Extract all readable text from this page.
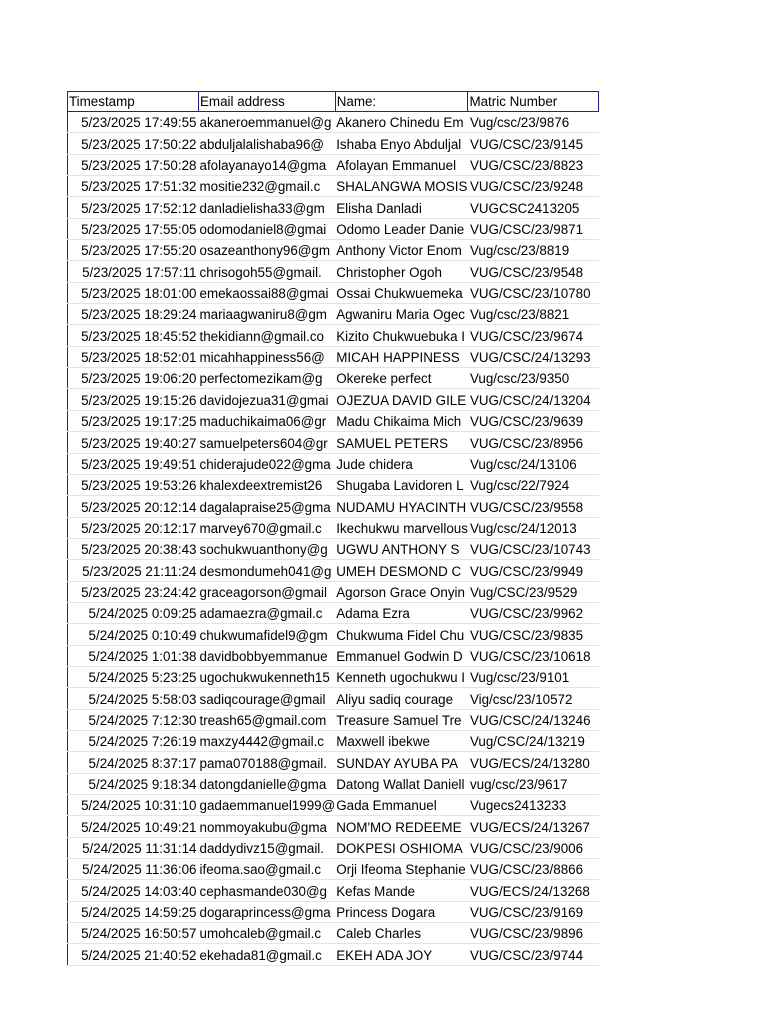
Timestamp	Email address	Name:	Matric Number
5/23/2025 17:49:55	akaneroemmanuel@g	Akanero Chinedu Em	Vug/csc/23/9876
5/23/2025 17:50:22	abduljalalishaba96@	Ishaba Enyo Abduljal	VUG/CSC/23/9145
5/23/2025 17:50:28	afolayanayo14@gma	Afolayan Emmanuel	VUG/CSC/23/8823
5/23/2025 17:51:32	mositie232@gmail.c	SHALANGWA MOSIS	VUG/CSC/23/9248
5/23/2025 17:52:12	danladielisha33@gm	Elisha Danladi	VUGCSC2413205
5/23/2025 17:55:05	odomodaniel8@gmai	Odomo Leader Danie	VUG/CSC/23/9871
5/23/2025 17:55:20	osazeanthony96@gm	Anthony Victor Enom	Vug/csc/23/8819
5/23/2025 17:57:11	chrisogoh55@gmail.	Christopher Ogoh	VUG/CSC/23/9548
5/23/2025 18:01:00	emekaossai88@gmai	Ossai Chukwuemeka	VUG/CSC/23/10780
5/23/2025 18:29:24	mariaagwaniru8@gm	Agwaniru Maria Ogec	Vug/csc/23/8821
5/23/2025 18:45:52	thekidiann@gmail.co	Kizito Chukwuebuka I	VUG/CSC/23/9674
5/23/2025 18:52:01	micahhappiness56@	MICAH HAPPINESS	VUG/CSC/24/13293
5/23/2025 19:06:20	perfectomezikam@g	Okereke perfect	Vug/csc/23/9350
5/23/2025 19:15:26	davidojezua31@gmai	OJEZUA DAVID GILE	VUG/CSC/24/13204
5/23/2025 19:17:25	maduchikaima06@gr	Madu Chikaima Mich	VUG/CSC/23/9639
5/23/2025 19:40:27	samuelpeters604@gr	SAMUEL PETERS	VUG/CSC/23/8956
5/23/2025 19:49:51	chiderajude022@gma	Jude chidera	Vug/csc/24/13106
5/23/2025 19:53:26	khalexdeextremist26	Shugaba Lavidoren L	Vug/csc/22/7924
5/23/2025 20:12:14	dagalapraise25@gma	NUDAMU HYACINTH	VUG/CSC/23/9558
5/23/2025 20:12:17	marvey670@gmail.c	Ikechukwu marvellous	Vug/csc/24/12013
5/23/2025 20:38:43	sochukwuanthony@g	UGWU ANTHONY S	VUG/CSC/23/10743
5/23/2025 21:11:24	desmondumeh041@g	UMEH DESMOND C	VUG/CSC/23/9949
5/23/2025 23:24:42	graceagorson@gmail	Agorson Grace Onyin	Vug/CSC/23/9529
5/24/2025 0:09:25	adamaezra@gmail.c	Adama Ezra	VUG/CSC/23/9962
5/24/2025 0:10:49	chukwumafidel9@gm	Chukwuma Fidel Chu	VUG/CSC/23/9835
5/24/2025 1:01:38	davidbobbyemmanue	Emmanuel Godwin D	VUG/CSC/23/10618
5/24/2025 5:23:25	ugochukwukenneth15	Kenneth ugochukwu I	Vug/csc/23/9101
5/24/2025 5:58:03	sadiqcourage@gmail	Aliyu sadiq courage	Vig/csc/23/10572
5/24/2025 7:12:30	treash65@gmail.com	Treasure Samuel Tre	VUG/CSC/24/13246
5/24/2025 7:26:19	maxzy4442@gmail.c	Maxwell ibekwe	Vug/CSC/24/13219
5/24/2025 8:37:17	pama070188@gmail.	SUNDAY AYUBA PA	VUG/ECS/24/13280
5/24/2025 9:18:34	datongdanielle@gma	Datong Wallat Daniell	vug/csc/23/9617
5/24/2025 10:31:10	gadaemmanuel1999@	Gada Emmanuel	Vugecs2413233
5/24/2025 10:49:21	nommoyakubu@gma	NOM'MO REDEEME	VUG/ECS/24/13267
5/24/2025 11:31:14	daddydivz15@gmail.	DOKPESI OSHIOMA	VUG/CSC/23/9006
5/24/2025 11:36:06	ifeoma.sao@gmail.c	Orji Ifeoma Stephanie	VUG/CSC/23/8866
5/24/2025 14:03:40	cephasmande030@g	Kefas Mande	VUG/ECS/24/13268
5/24/2025 14:59:25	dogaraprincess@gma	Princess Dogara	VUG/CSC/23/9169
5/24/2025 16:50:57	umohcaleb@gmail.c	Caleb Charles	VUG/CSC/23/9896
5/24/2025 21:40:52	ekehada81@gmail.c	EKEH ADA JOY	VUG/CSC/23/9744
